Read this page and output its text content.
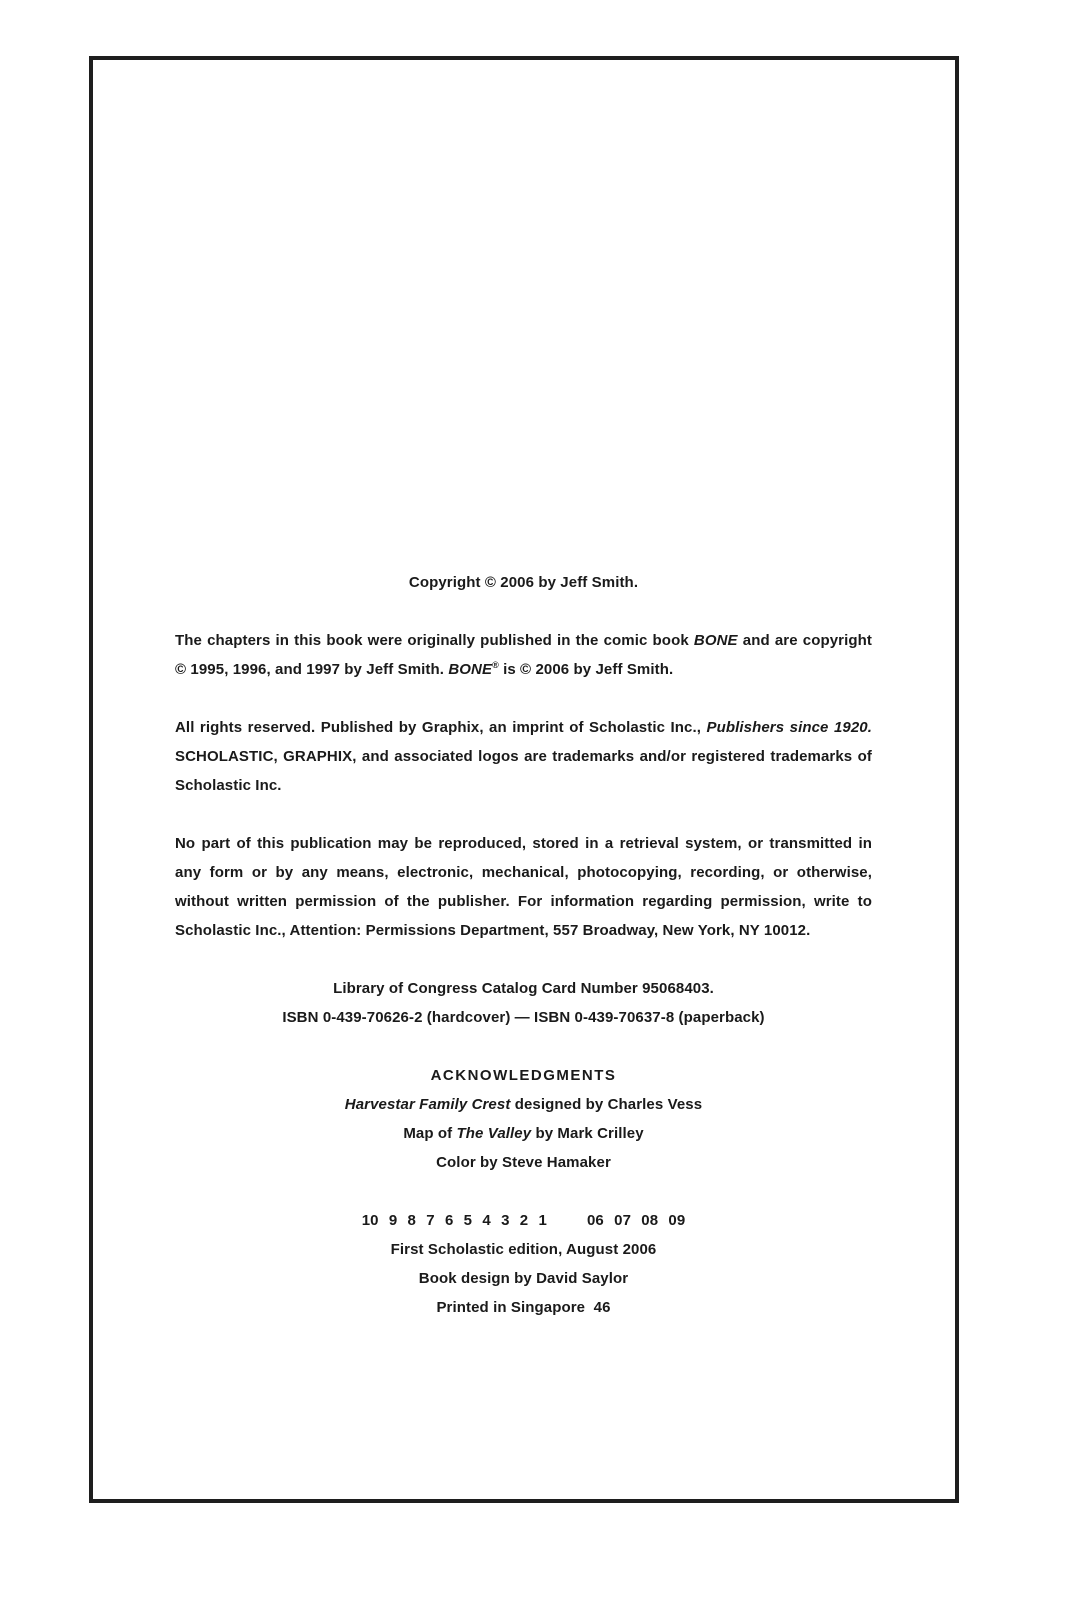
Copyright © 2006 by Jeff Smith.

The chapters in this book were originally published in the comic book BONE and are copyright © 1995, 1996, and 1997 by Jeff Smith. BONE® is © 2006 by Jeff Smith.

All rights reserved. Published by Graphix, an imprint of Scholastic Inc., Publishers since 1920. SCHOLASTIC, GRAPHIX, and associated logos are trademarks and/or registered trademarks of Scholastic Inc.

No part of this publication may be reproduced, stored in a retrieval system, or transmitted in any form or by any means, electronic, mechanical, photocopying, recording, or otherwise, without written permission of the publisher. For information regarding permission, write to Scholastic Inc., Attention: Permissions Department, 557 Broadway, New York, NY 10012.

Library of Congress Catalog Card Number 95068403.

ISBN 0-439-70626-2 (hardcover) — ISBN 0-439-70637-8 (paperback)

ACKNOWLEDGMENTS

Harvestar Family Crest designed by Charles Vess

Map of The Valley by Mark Crilley

Color by Steve Hamaker

10 9 8 7 6 5 4 3 2 1	06 07 08 09

First Scholastic edition, August 2006

Book design by David Saylor

Printed in Singapore  46
